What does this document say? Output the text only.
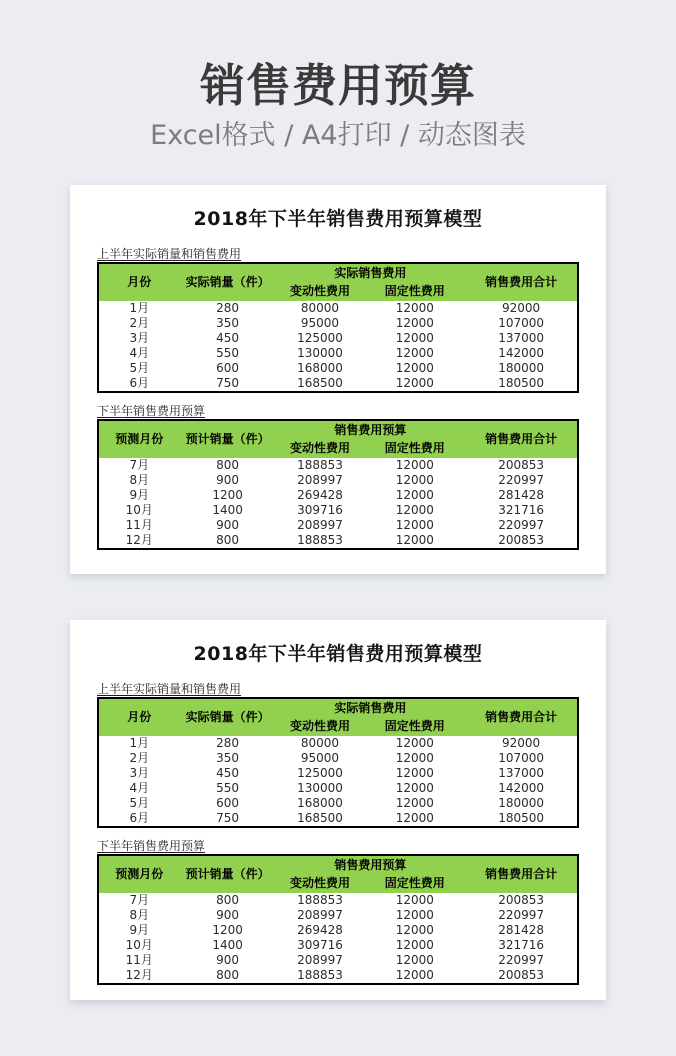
销售费用预算
Excel格式 / A4打印 / 动态图表
2018年下半年销售费用预算模型
上半年实际销量和销售费用
月份	实际销量（件）	实际销售费用		销售费用合计
		变动性费用	固定性费用	
1月	280	80000	12000	92000
2月	350	95000	12000	107000
3月	450	125000	12000	137000
4月	550	130000	12000	142000
5月	600	168000	12000	180000
6月	750	168500	12000	180500
下半年销售费用预算
预测月份	预计销量（件）	销售费用预算		销售费用合计
		变动性费用	固定性费用	
7月	800	188853	12000	200853
8月	900	208997	12000	220997
9月	1200	269428	12000	281428
10月	1400	309716	12000	321716
11月	900	208997	12000	220997
12月	800	188853	12000	200853
2018年下半年销售费用预算模型
上半年实际销量和销售费用
月份	实际销量（件）	实际销售费用		销售费用合计
		变动性费用	固定性费用	
1月	280	80000	12000	92000
2月	350	95000	12000	107000
3月	450	125000	12000	137000
4月	550	130000	12000	142000
5月	600	168000	12000	180000
6月	750	168500	12000	180500
下半年销售费用预算
预测月份	预计销量（件）	销售费用预算		销售费用合计
		变动性费用	固定性费用	
7月	800	188853	12000	200853
8月	900	208997	12000	220997
9月	1200	269428	12000	281428
10月	1400	309716	12000	321716
11月	900	208997	12000	220997
12月	800	188853	12000	200853
